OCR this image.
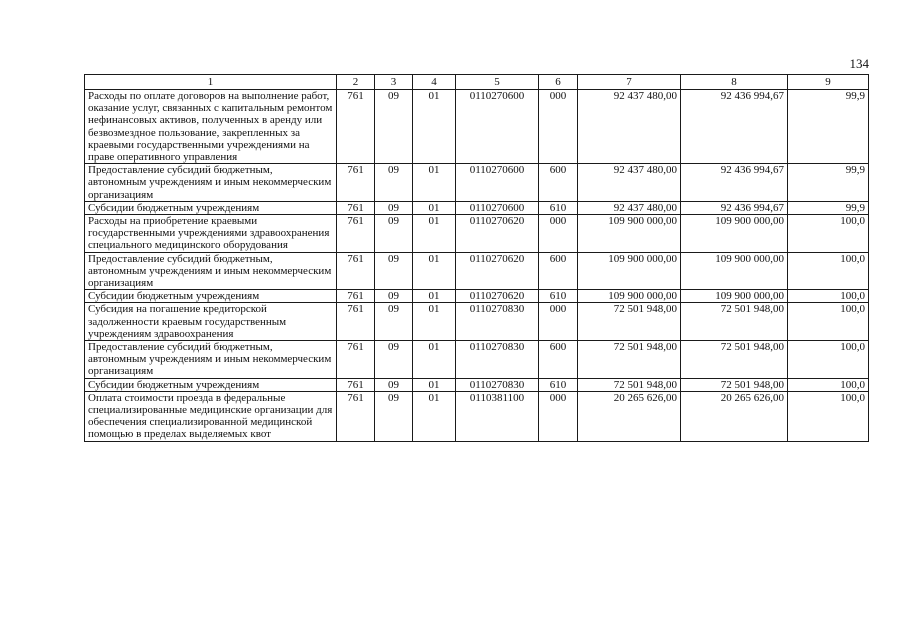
134
1	2	3	4	5	6	7	8	9
Расходы по оплате договоров на выполнение работ, оказание услуг, связанных с капитальным ремонтом нефинансовых активов, полученных в аренду или безвозмездное пользование, закрепленных за краевыми государственными учреждениями на праве оперативного управления	761	09	01	0110270600	000	92 437 480,00	92 436 994,67	99,9
Предоставление субсидий бюджетным, автономным учреждениям и иным некоммерческим организациям	761	09	01	0110270600	600	92 437 480,00	92 436 994,67	99,9
Субсидии бюджетным учреждениям	761	09	01	0110270600	610	92 437 480,00	92 436 994,67	99,9
Расходы на приобретение краевыми государственными учреждениями здравоохранения специального медицинского оборудования	761	09	01	0110270620	000	109 900 000,00	109 900 000,00	100,0
Предоставление субсидий бюджетным, автономным учреждениям и иным некоммерческим организациям	761	09	01	0110270620	600	109 900 000,00	109 900 000,00	100,0
Субсидии бюджетным учреждениям	761	09	01	0110270620	610	109 900 000,00	109 900 000,00	100,0
Субсидия на погашение кредиторской задолженности краевым государственным учреждениям здравоохранения	761	09	01	0110270830	000	72 501 948,00	72 501 948,00	100,0
Предоставление субсидий бюджетным, автономным учреждениям и иным некоммерческим организациям	761	09	01	0110270830	600	72 501 948,00	72 501 948,00	100,0
Субсидии бюджетным учреждениям	761	09	01	0110270830	610	72 501 948,00	72 501 948,00	100,0
Оплата стоимости проезда в федеральные специализированные медицинские организации для обеспечения специализированной медицинской помощью в пределах выделяемых квот	761	09	01	0110381100	000	20 265 626,00	20 265 626,00	100,0
